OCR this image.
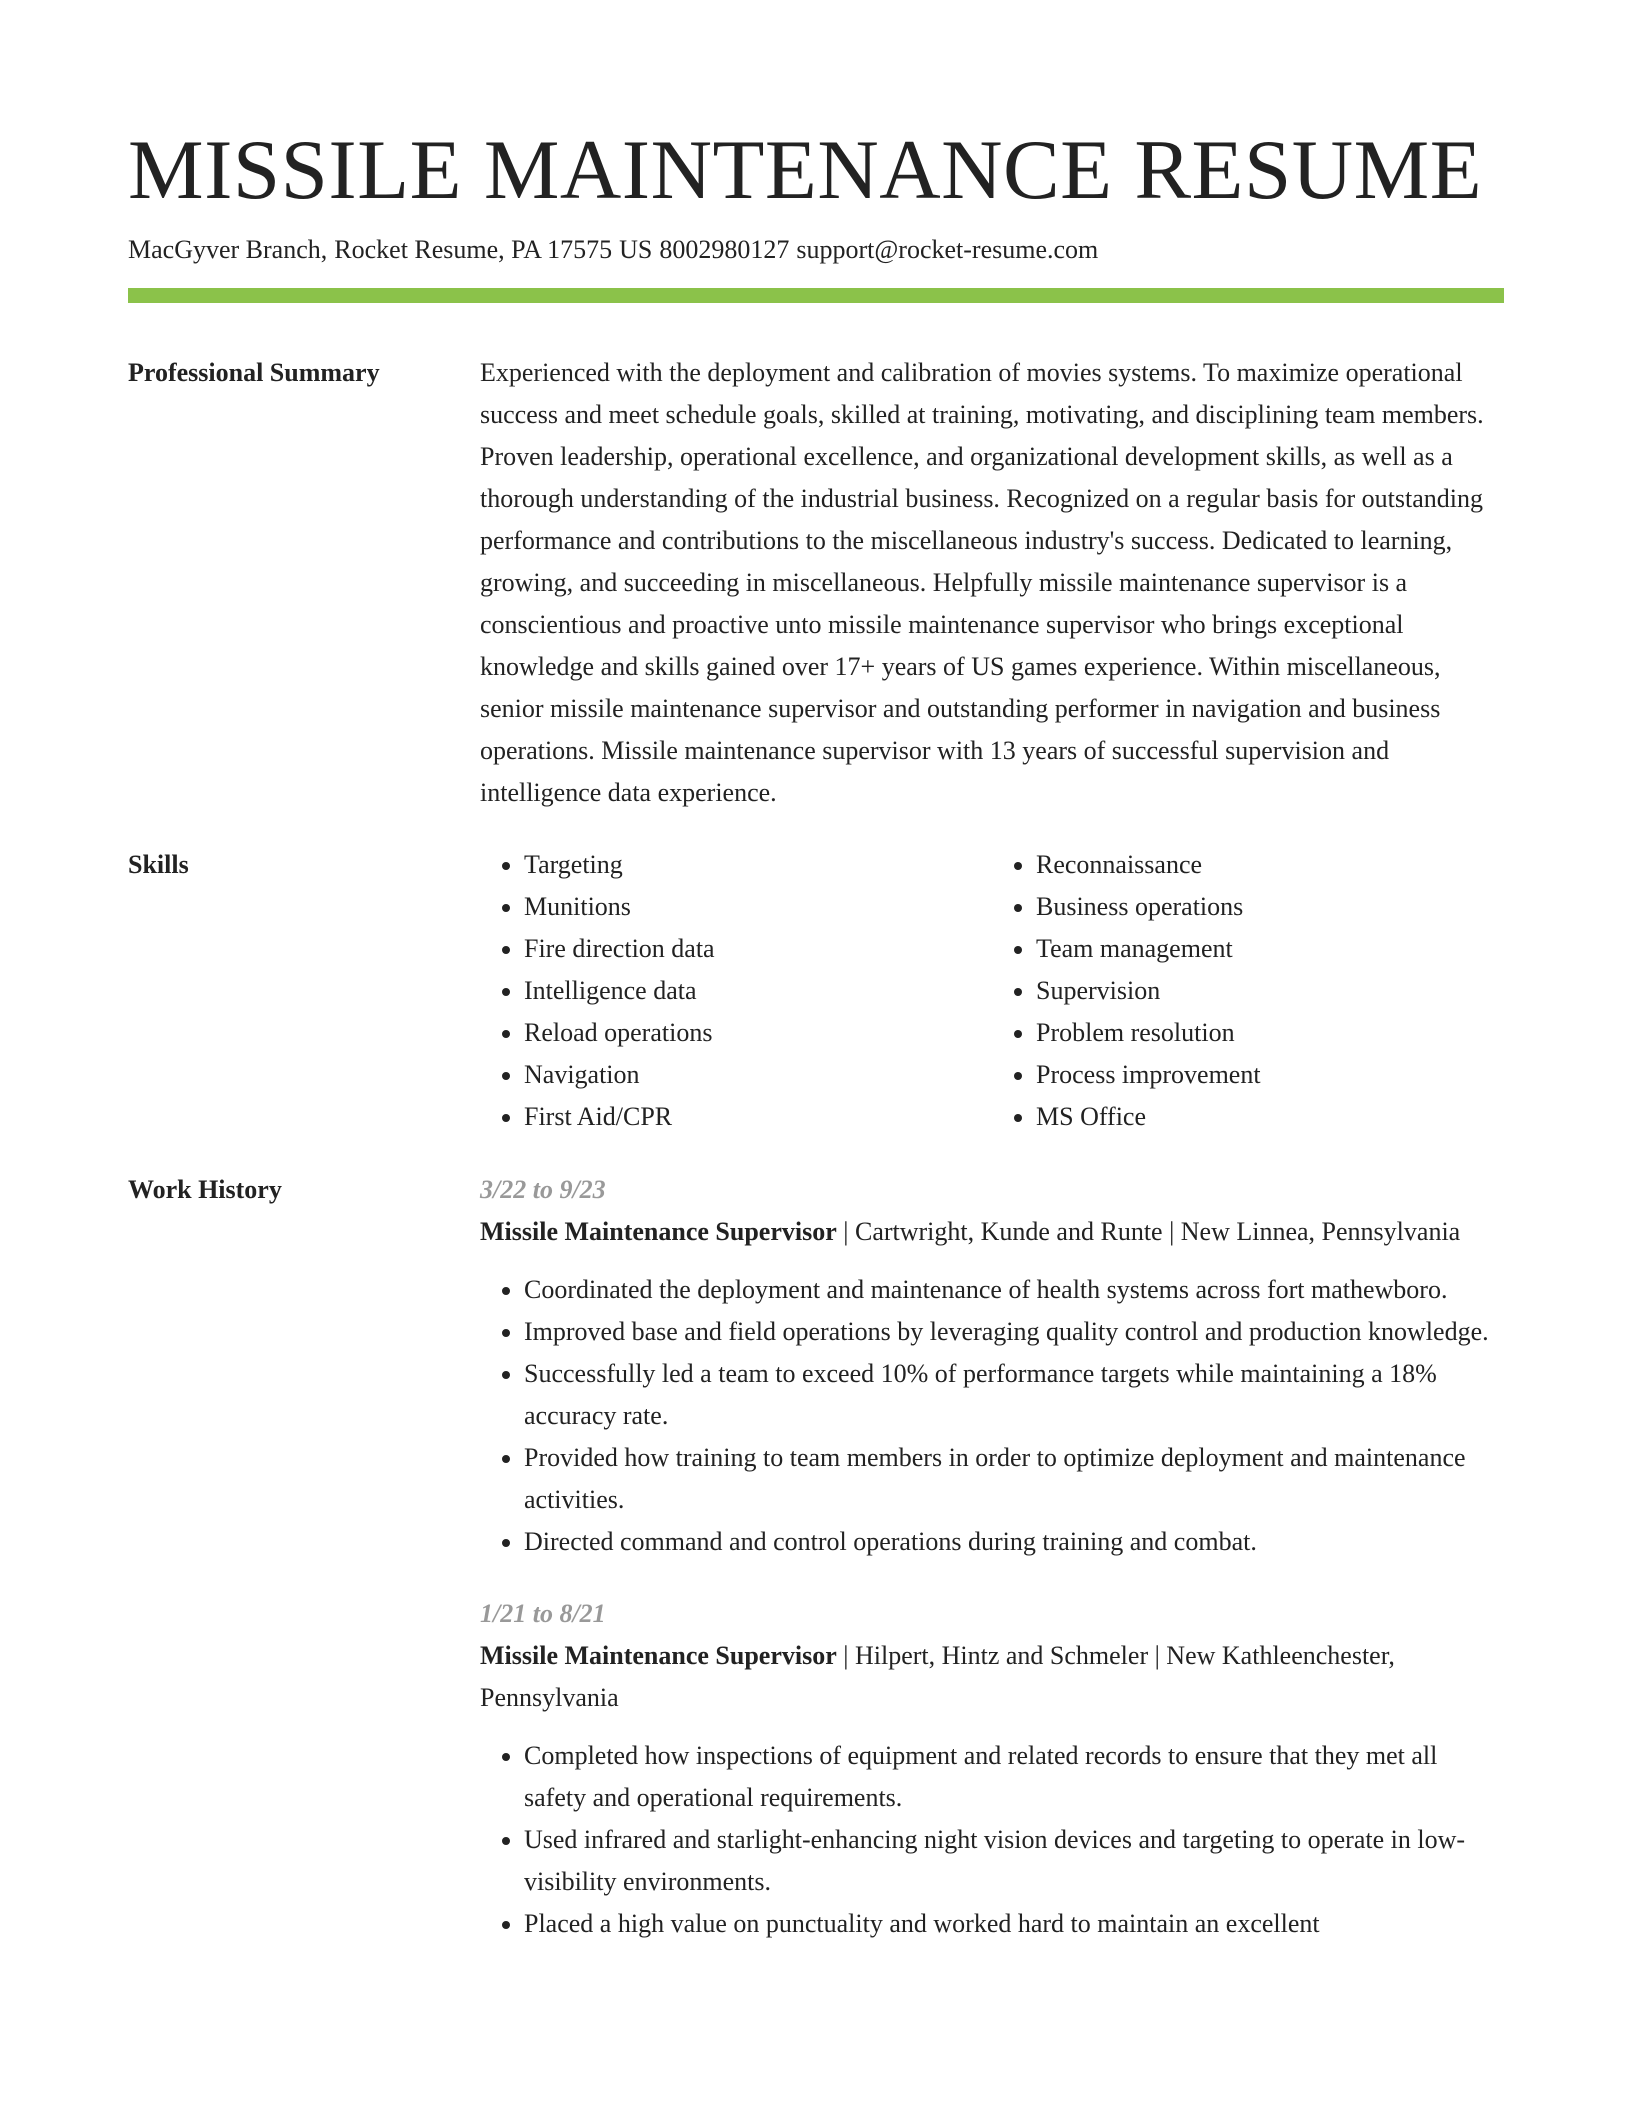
MISSILE MAINTENANCE RESUME
MacGyver Branch, Rocket Resume, PA 17575 US 8002980127 support@rocket-resume.com
Professional Summary	Experienced with the deployment and calibration of movies systems. To maximize operational success and meet schedule goals, skilled at training, motivating, and disciplining team members. Proven leadership, operational excellence, and organizational development skills, as well as a thorough understanding of the industrial business. Recognized on a regular basis for outstanding performance and contributions to the miscellaneous industry's success. Dedicated to learning, growing, and succeeding in miscellaneous. Helpfully missile maintenance supervisor is a conscientious and proactive unto missile maintenance supervisor who brings exceptional knowledge and skills gained over 17+ years of US games experience. Within miscellaneous, senior missile maintenance supervisor and outstanding performer in navigation and business operations. Missile maintenance supervisor with 13 years of successful supervision and intelligence data experience.
Skills
•	Targeting
• Munitions
• Fire direction data
• Intelligence data
• Reload operations
• Navigation
• First Aid/CPR
• Reconnaissance
• Business operations
• Team management
• Supervision
• Problem resolution
• Process improvement
• MS Office
Work History	3/22 to 9/23
Missile Maintenance Supervisor | Cartwright, Kunde and Runte | New Linnea, Pennsylvania
• Coordinated the deployment and maintenance of health systems across fort mathewboro.
• Improved base and field operations by leveraging quality control and production knowledge.
• Successfully led a team to exceed 10% of performance targets while maintaining a 18% accuracy rate.
• Provided how training to team members in order to optimize deployment and maintenance activities.
• Directed command and control operations during training and combat.
1/21 to 8/21
Missile Maintenance Supervisor | Hilpert, Hintz and Schmeler | New Kathleenchester, Pennsylvania
• Completed how inspections of equipment and related records to ensure that they met all safety and operational requirements.
• Used infrared and starlight-enhancing night vision devices and targeting to operate in low-visibility environments.
• Placed a high value on punctuality and worked hard to maintain an excellent
